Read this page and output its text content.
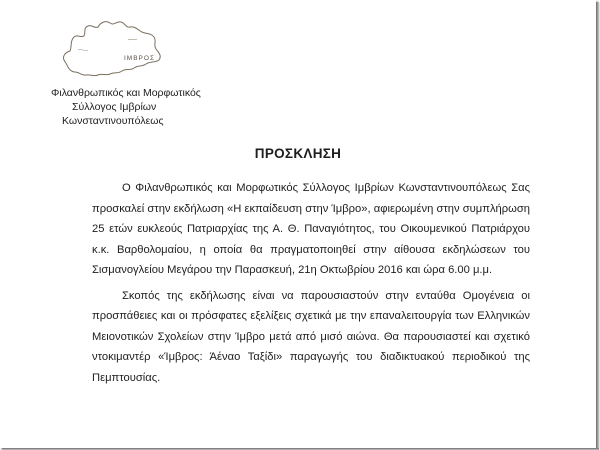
ΙΜΒΡΟΣ
Φιλανθρωπικός και Μορφωτικός
Σύλλογος Ιμβρίων
Κωνσταντινουπόλεως
ΠΡΟΣΚΛΗΣΗ

Ο Φιλανθρωπικός και Μορφωτικός Σύλλογος Ιμβρίων Κωνσταντινουπόλεως Σας προσκαλεί στην εκδήλωση «Η εκπαίδευση στην Ίμβρο», αφιερωμένη στην συμπλήρωση 25 ετών ευκλεούς Πατριαρχίας της Α. Θ. Παναγιότητος, του Οικουμενικού Πατριάρχου κ.κ. Βαρθολομαίου, η οποία θα πραγματοποιηθεί στην αίθουσα εκδηλώσεων του Σισμανογλείου Μεγάρου την Παρασκευή, 21η Οκτωβρίου 2016 και ώρα 6.00 μ.μ.

Σκοπός της εκδήλωσης είναι να παρουσιαστούν στην ενταύθα Ομογένεια οι προσπάθειες και οι πρόσφατες εξελίξεις σχετικά με την επαναλειτουργία των Ελληνικών Μειονοτικών Σχολείων στην Ίμβρο μετά από μισό αιώνα. Θα παρουσιαστεί και σχετικό ντοκιμαντέρ «Ίμβρος: Άέναο Ταξίδι» παραγωγής του διαδικτυακού περιοδικού της Πεμπτουσίας.
